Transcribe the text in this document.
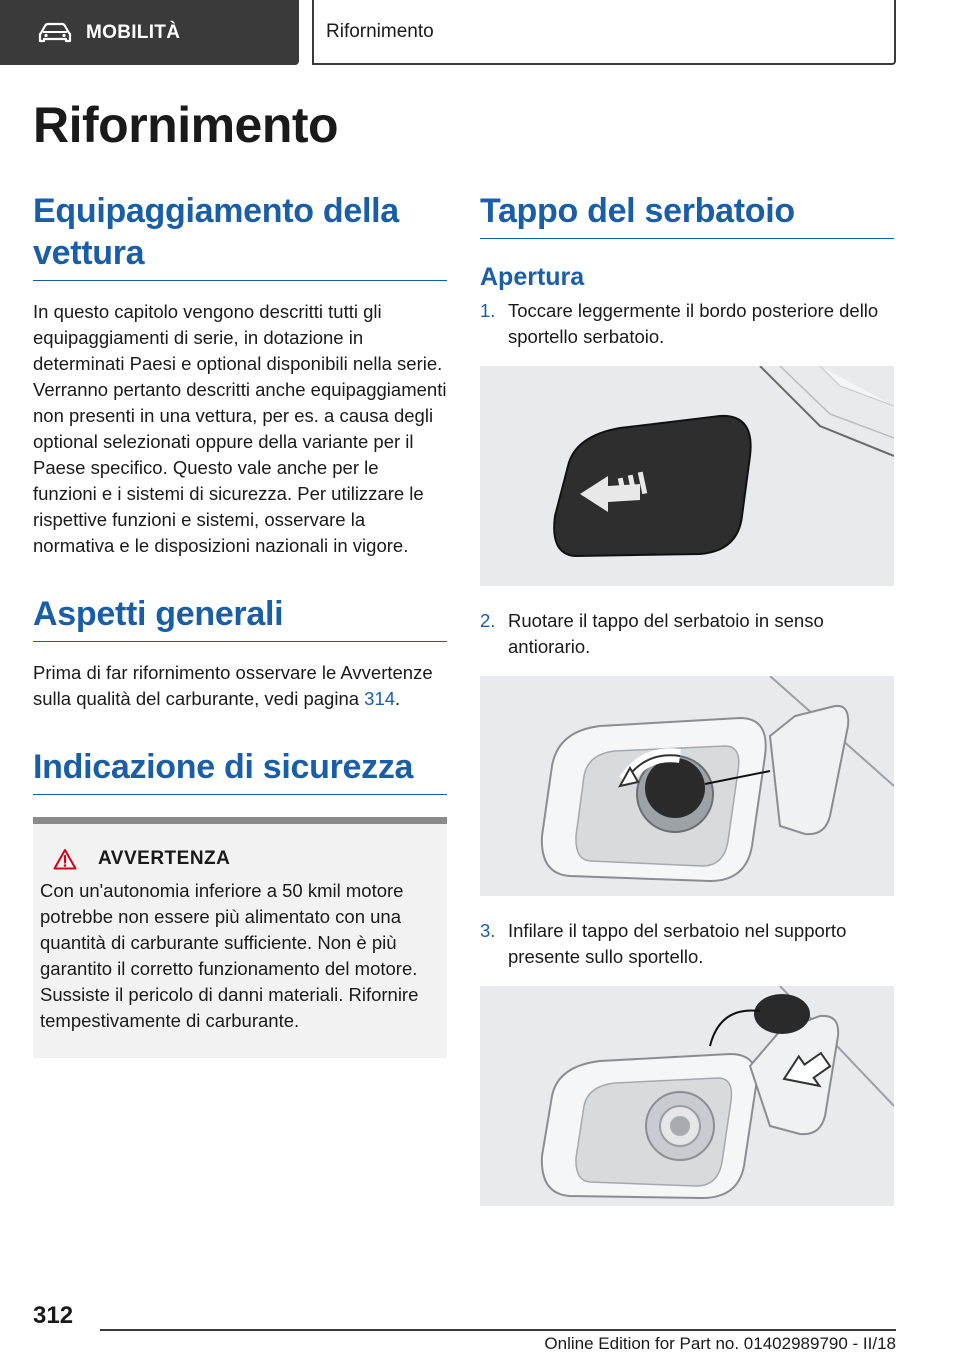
MOBILITÀ	Rifornimento
Rifornimento
Equipaggiamento della vettura

In questo capitolo vengono descritti tutti gli equipaggiamenti di serie, in dotazione in determinati Paesi e optional disponibili nella serie. Verranno pertanto descritti anche equipaggiamenti non presenti in una vettura, per es. a causa degli optional selezionati oppure della variante per il Paese specifico. Questo vale anche per le funzioni e i sistemi di sicurezza. Per utilizzare le rispettive funzioni e sistemi, osservare la normativa e le disposizioni nazionali in vigore.

Aspetti generali

Prima di far rifornimento osservare le Avvertenze sulla qualità del carburante, vedi pagina 314.

Indicazione di sicurezza
AVVERTENZA

Con un'autonomia inferiore a 50 kmil motore potrebbe non essere più alimentato con una quantità di carburante sufficiente. Non è più garantito il corretto funzionamento del motore. Sussiste il pericolo di danni materiali. Rifornire tempestivamente di carburante.

Tappo del serbatoio
Apertura
1. Toccare leggermente il bordo posteriore dello sportello serbatoio.
2. Ruotare il tappo del serbatoio in senso antiorario.
3. Infilare il tappo del serbatoio nel supporto presente sullo sportello.
312
Online Edition for Part no. 01402989790 - II/18
